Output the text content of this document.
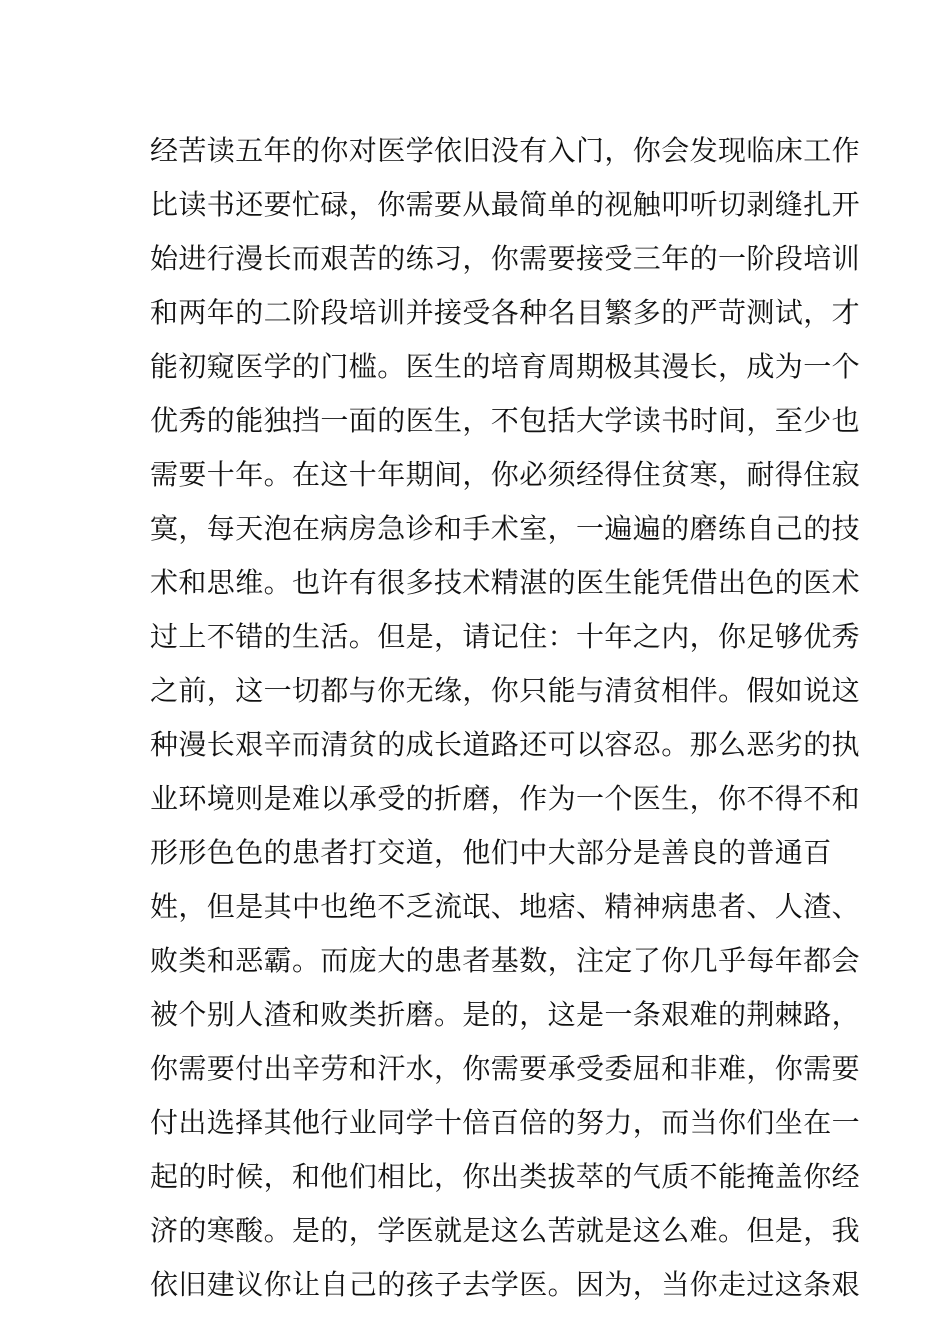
经苦读五年的你对医学依旧没有入门，你会发现临床工作
比读书还要忙碌，你需要从最简单的视触叩听切剥缝扎开
始进行漫长而艰苦的练习，你需要接受三年的一阶段培训
和两年的二阶段培训并接受各种名目繁多的严苛测试，才
能初窥医学的门槛。医生的培育周期极其漫长，成为一个
优秀的能独挡一面的医生，不包括大学读书时间，至少也
需要十年。在这十年期间，你必须经得住贫寒，耐得住寂
寞，每天泡在病房急诊和手术室，一遍遍的磨练自己的技
术和思维。也许有很多技术精湛的医生能凭借出色的医术
过上不错的生活。但是，请记住：十年之内，你足够优秀
之前，这一切都与你无缘，你只能与清贫相伴。假如说这
种漫长艰辛而清贫的成长道路还可以容忍。那么恶劣的执
业环境则是难以承受的折磨，作为一个医生，你不得不和
形形色色的患者打交道，他们中大部分是善良的普通百
姓，但是其中也绝不乏流氓、地痞、精神病患者、人渣、
败类和恶霸。而庞大的患者基数，注定了你几乎每年都会
被个别人渣和败类折磨。是的，这是一条艰难的荆棘路，
你需要付出辛劳和汗水，你需要承受委屈和非难，你需要
付出选择其他行业同学十倍百倍的努力，而当你们坐在一
起的时候，和他们相比，你出类拔萃的气质不能掩盖你经
济的寒酸。是的，学医就是这么苦就是这么难。但是，我
依旧建议你让自己的孩子去学医。因为，当你走过这条艰
